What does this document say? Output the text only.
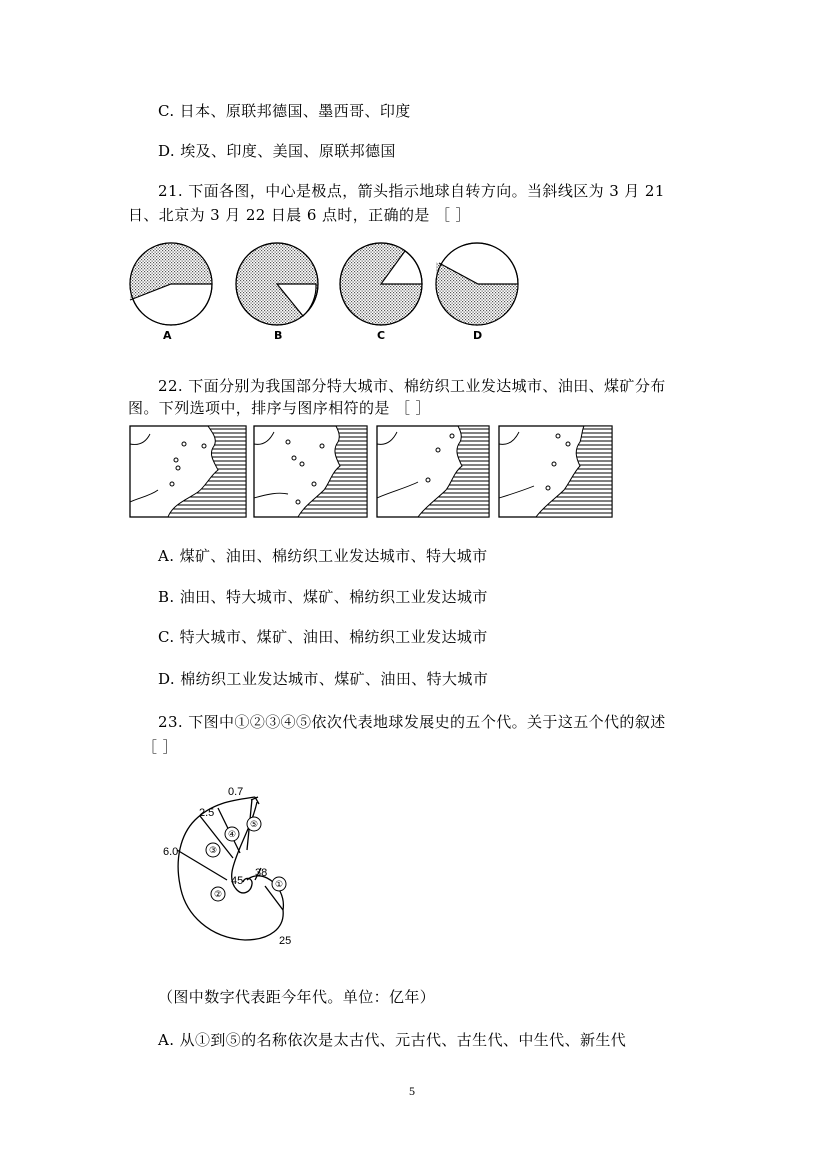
C. 日本、原联邦德国、墨西哥、印度
D. 埃及、印度、美国、原联邦德国
21. 下面各图，中心是极点，箭头指示地球自转方向。当斜线区为 3 月 21
日、北京为 3 月 22 日晨 6 点时，正确的是 ［ ］
A	B	C	D
22. 下面分别为我国部分特大城市、棉纺织工业发达城市、油田、煤矿分布
图。下列选项中，排序与图序相符的是 ［ ］
A. 煤矿、油田、棉纺织工业发达城市、特大城市
B. 油田、特大城市、煤矿、棉纺织工业发达城市
C. 特大城市、煤矿、油田、棉纺织工业发达城市
D. 棉纺织工业发达城市、煤矿、油田、特大城市
23. 下图中①②③④⑤依次代表地球发展史的五个代。关于这五个代的叙述
［ ］
①
②
③
④
⑤
0.7
2.5
6.0
45
38
25
（图中数字代表距今年代。单位：亿年）
A. 从①到⑤的名称依次是太古代、元古代、古生代、中生代、新生代
5
